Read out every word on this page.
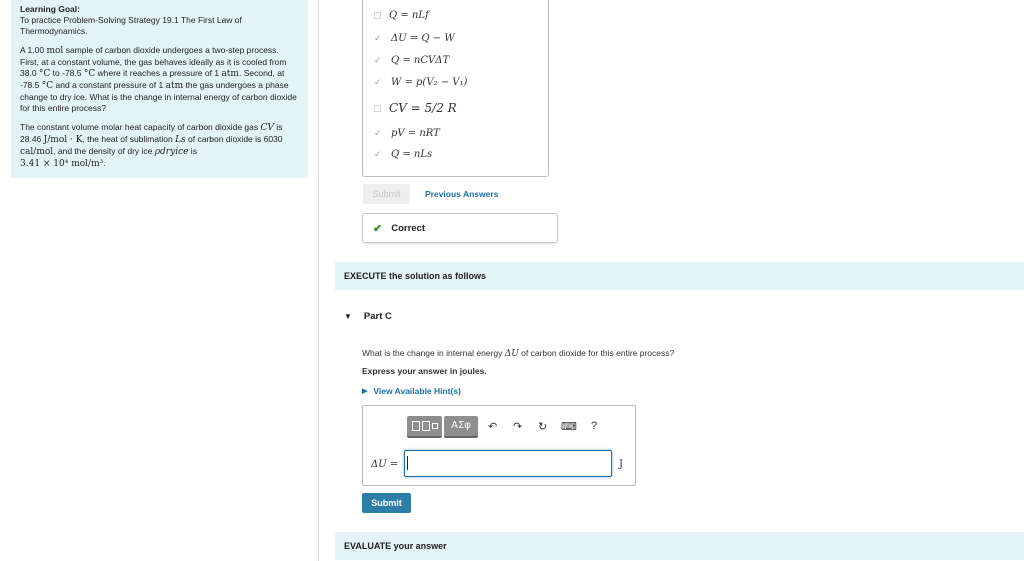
Learning Goal:
To practice Problem-Solving Strategy 19.1 The First Law of Thermodynamics.
A 1.00 mol sample of carbon dioxide undergoes a two-step process. First, at a constant volume, the gas behaves ideally as it is cooled from 38.0 °C to -78.5 °C where it reaches a pressure of 1 atm. Second, at -78.5 °C and a constant pressure of 1 atm the gas undergoes a phase change to dry ice. What is the change in internal energy of carbon dioxide for this entire process?
The constant volume molar heat capacity of carbon dioxide gas CV is 28.46 J/mol · K, the heat of sublimation Ls of carbon dioxide is 6030 cal/mol, and the density of dry ice ρdryice is
3.41 × 10⁴ mol/m³.
Q = nLf
✓ ΔU = Q − W
✓ Q = nCVΔT
✓ W = p(V₂ − V₁)
CV = 5/2 R
✓ pV = nRT
✓ Q = nLs
Submit	Previous Answers
✔ Correct
EXECUTE the solution as follows
▼ Part C
What is the change in internal energy ΔU of carbon dioxide for this entire process?
Express your answer in joules.
▶ View Available Hint(s)
ΑΣφ	↶ ↷ ↻ ⌨ ?
ΔU =	J
Submit
EVALUATE your answer
